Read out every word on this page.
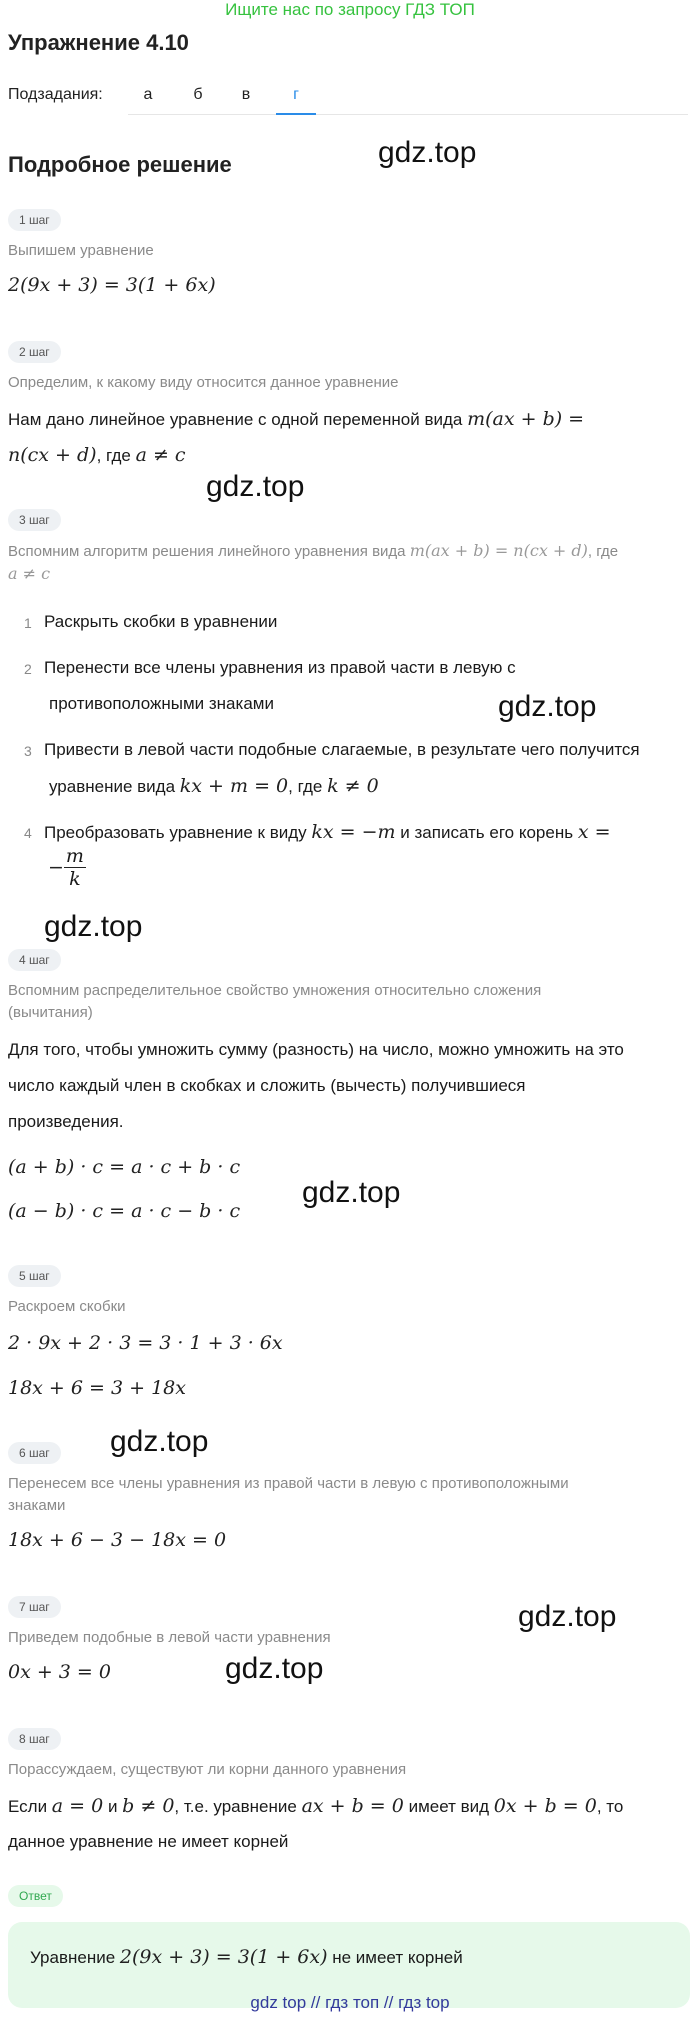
Ищите нас по запросу ГДЗ ТОП
Упражнение 4.10
Подзадания:	а	б	в	г
Подробное решение	gdz.top
1 шаг
Выпишем уравнение
2(9x + 3) = 3(1 + 6x)
2 шаг
Определим, к какому виду относится данное уравнение
Нам дано линейное уравнение с одной переменной вида m(ax + b) =
n(cx + d), где a ≠ c
gdz.top
3 шаг
Вспомним алгоритм решения линейного уравнения вида m(ax + b) = n(cx + d), где
a ≠ c
1 Раскрыть скобки в уравнении
2 Перенести все члены уравнения из правой части в левую с
противоположными знаками	gdz.top
3 Привести в левой части подобные слагаемые, в результате чего получится
уравнение вида kx + m = 0, где k ≠ 0
4 Преобразовать уравнение к виду kx = −m и записать его корень x =
− $\frac{m}{k}$
gdz.top
4 шаг
Вспомним распределительное свойство умножения относительно сложения
(вычитания)
Для того, чтобы умножить сумму (разность) на число, можно умножить на это
число каждый член в скобках и сложить (вычесть) получившиеся
произведения.
(a + b) · c = a · c + b · c
(a − b) · c = a · c − b · c
gdz.top
5 шаг
Раскроем скобки
2 · 9x + 2 · 3 = 3 · 1 + 3 · 6x
18x + 6 = 3 + 18x
6 шаг	gdz.top
Перенесем все члены уравнения из правой части в левую с противоположными
знаками
18x + 6 − 3 − 18x = 0
7 шаг	gdz.top
Приведем подобные в левой части уравнения
0x + 3 = 0	gdz.top
8 шаг
Порассуждаем, существуют ли корни данного уравнения
Если a = 0 и b ≠ 0, т.е. уравнение ax + b = 0 имеет вид 0x + b = 0, то
данное уравнение не имеет корней
Ответ
Уравнение 2(9x + 3) = 3(1 + 6x) не имеет корней
gdz top // гдз топ // гдз top
